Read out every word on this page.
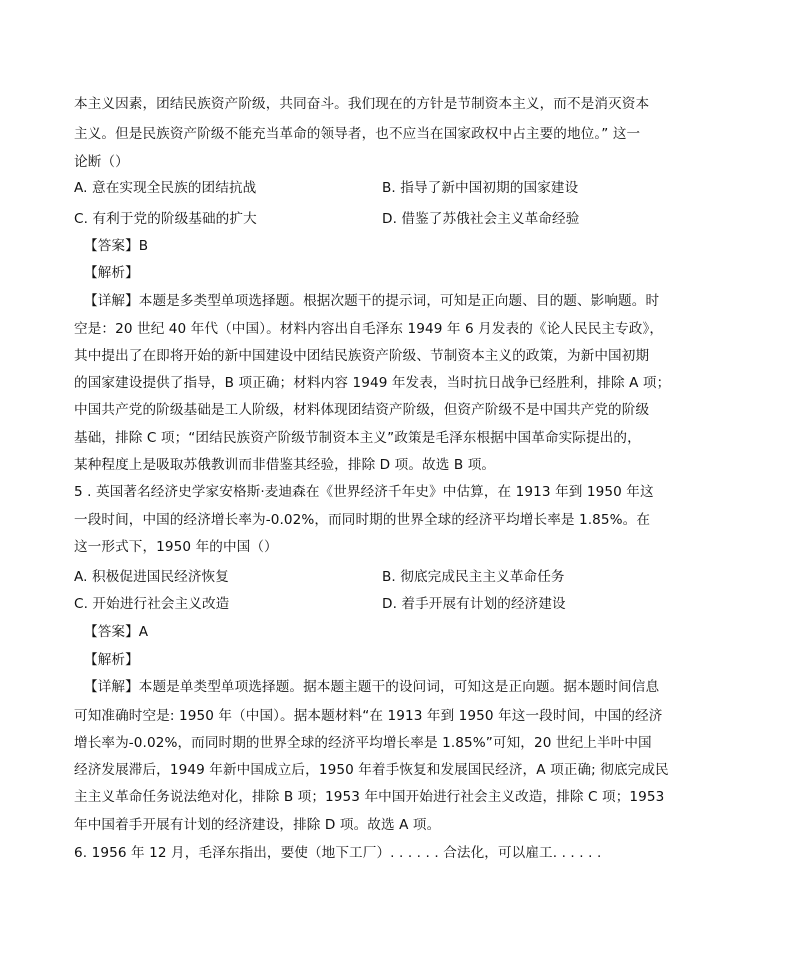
本主义因素，团结民族资产阶级，共同奋斗。我们现在的方针是节制资本主义，而不是消灭资本
主义。但是民族资产阶级不能充当革命的领导者，也不应当在国家政权中占主要的地位。” 这一
论断（）
A. 意在实现全民族的团结抗战	B. 指导了新中国初期的国家建设
C. 有利于党的阶级基础的扩大	D. 借鉴了苏俄社会主义革命经验
【答案】B
【解析】
【详解】本题是多类型单项选择题。根据次题干的提示词，可知是正向题、目的题、影响题。时
空是：20 世纪 40 年代（中国）。材料内容出自毛泽东 1949 年 6 月发表的《论人民民主专政》，
其中提出了在即将开始的新中国建设中团结民族资产阶级、节制资本主义的政策，为新中国初期
的国家建设提供了指导，B 项正确；材料内容 1949 年发表，当时抗日战争已经胜利，排除 A 项；
中国共产党的阶级基础是工人阶级，材料体现团结资产阶级，但资产阶级不是中国共产党的阶级
基础，排除 C 项；“团结民族资产阶级节制资本主义”政策是毛泽东根据中国革命实际提出的，
某种程度上是吸取苏俄教训而非借鉴其经验，排除 D 项。故选 B 项。
5 . 英国著名经济史学家安格斯·麦迪森在《世界经济千年史》中估算，在 1913 年到 1950 年这
一段时间，中国的经济增长率为-0.02%，而同时期的世界全球的经济平均增长率是 1.85%。在
这一形式下，1950 年的中国（）
A. 积极促进国民经济恢复	B. 彻底完成民主主义革命任务
C. 开始进行社会主义改造	D. 着手开展有计划的经济建设
【答案】A
【解析】
【详解】本题是单类型单项选择题。据本题主题干的设问词，可知这是正向题。据本题时间信息
可知准确时空是: 1950 年（中国）。据本题材料“在 1913 年到 1950 年这一段时间，中国的经济
增长率为-0.02%，而同时期的世界全球的经济平均增长率是 1.85%”可知，20 世纪上半叶中国
经济发展滞后，1949 年新中国成立后，1950 年着手恢复和发展国民经济，A 项正确; 彻底完成民
主主义革命任务说法绝对化，排除 B 项；1953 年中国开始进行社会主义改造，排除 C 项；1953
年中国着手开展有计划的经济建设，排除 D 项。故选 A 项。
6. 1956 年 12 月，毛泽东指出，要使（地下工厂）. . . . . . 合法化，可以雇工. . . . . .
